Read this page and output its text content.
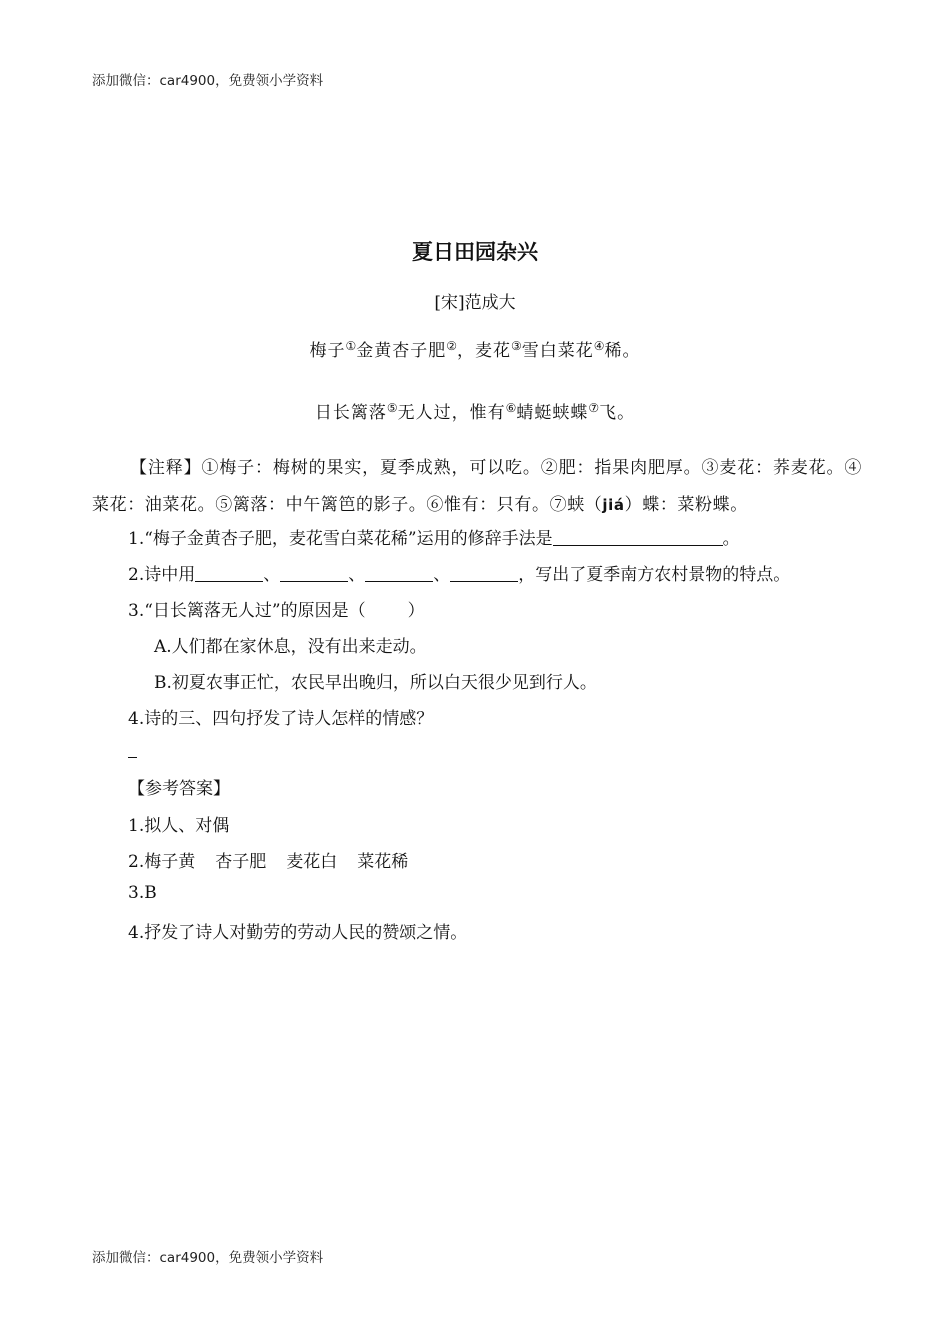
添加微信：car4900，免费领小学资料
夏日田园杂兴
[宋]范成大
梅子①金黄杏子肥②，麦花③雪白菜花④稀。
日长篱落⑤无人过，惟有⑥蜻蜓蛱蝶⑦飞。
【注释】①梅子：梅树的果实，夏季成熟，可以吃。②肥：指果肉肥厚。③麦花：荞麦花。④菜花：油菜花。⑤篱落：中午篱笆的影子。⑥惟有：只有。⑦蛱（jiá）蝶：菜粉蝶。
1.“梅子金黄杏子肥，麦花雪白菜花稀”运用的修辞手法是	。
2.诗中用	、	、	、	，写出了夏季南方农村景物的特点。
3.“日长篱落无人过”的原因是（ ）
A.人们都在家休息，没有出来走动。
B.初夏农事正忙，农民早出晚归，所以白天很少见到行人。
4.诗的三、四句抒发了诗人怎样的情感？
【参考答案】
1.拟人、对偶
2.梅子黄 杏子肥 麦花白 菜花稀
3.B
4.抒发了诗人对勤劳的劳动人民的赞颂之情。
添加微信：car4900，免费领小学资料
